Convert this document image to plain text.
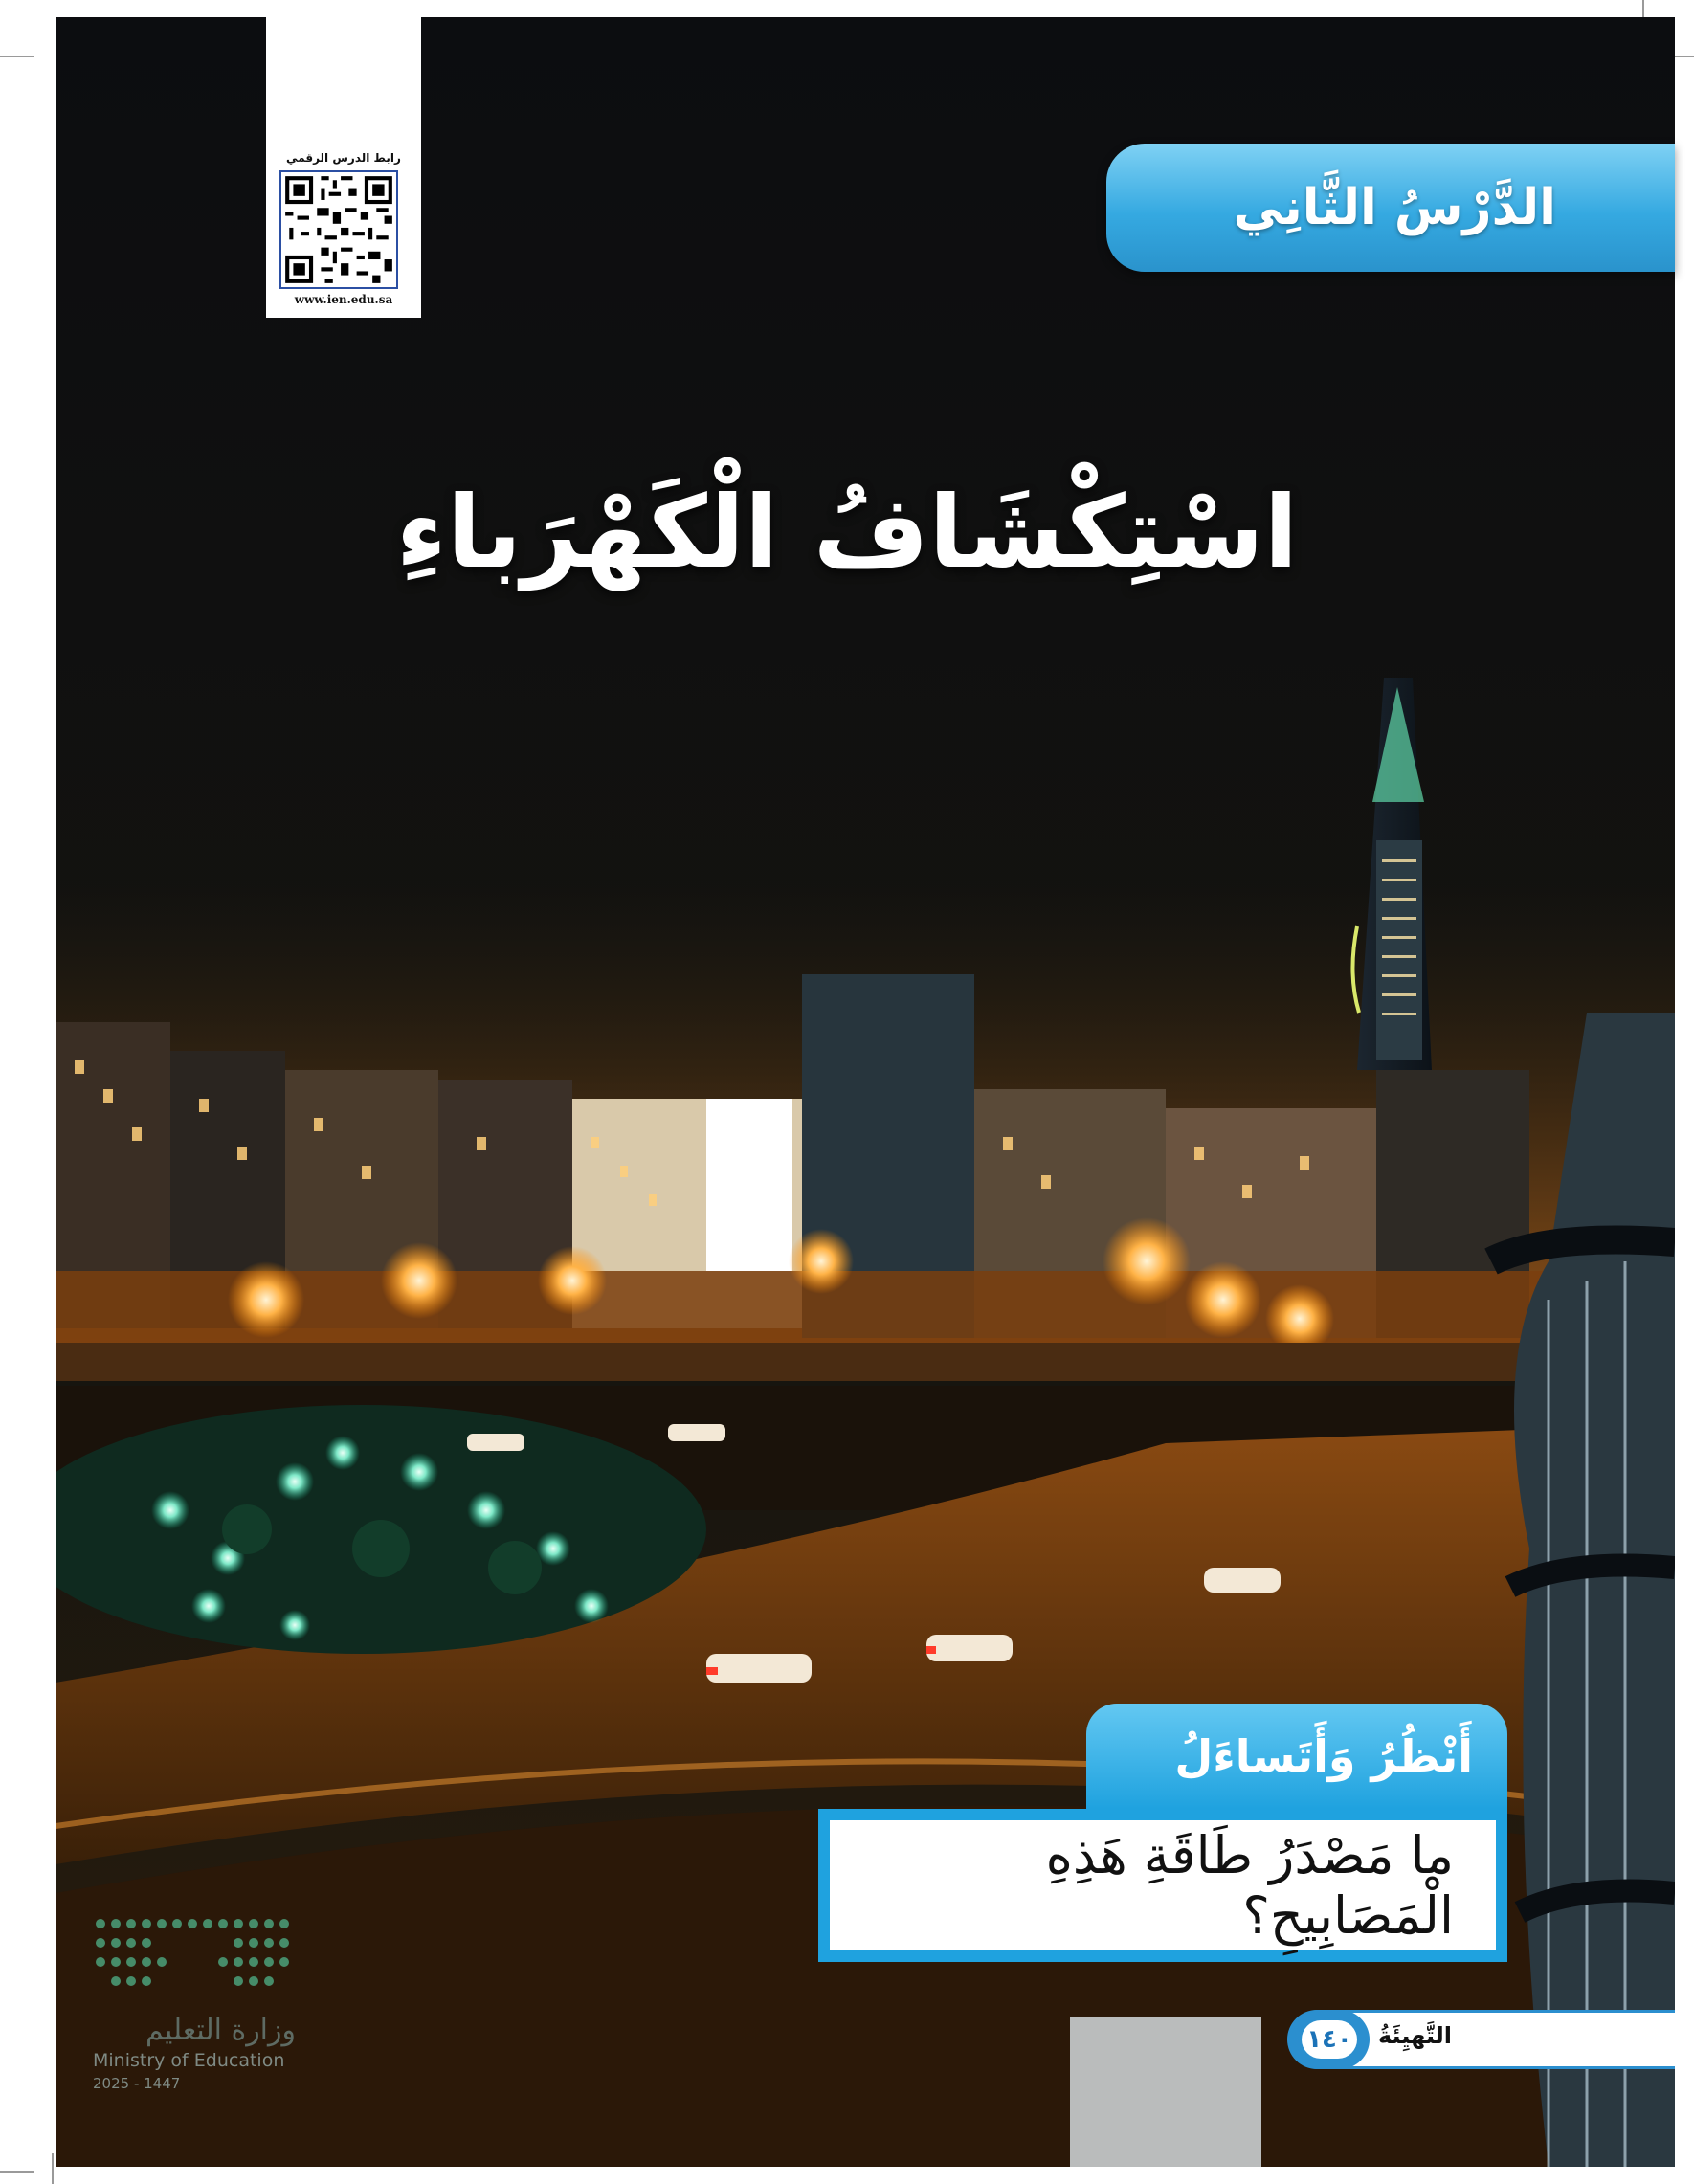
رابط الدرس الرقمي
www.ien.edu.sa
الدَّرْسُ الثَّانِي
اسْتِكْشَافُ الْكَهْرَباءِ
أَنْظُرُ وَأَتَساءَلُ
ما مَصْدَرُ طَاقَةِ هَذِهِ الْمَصَابِيحِ؟
١٤٠ التَّهيِئَةُ
وزارة التعليم
Ministry of Education
2025 - 1447
